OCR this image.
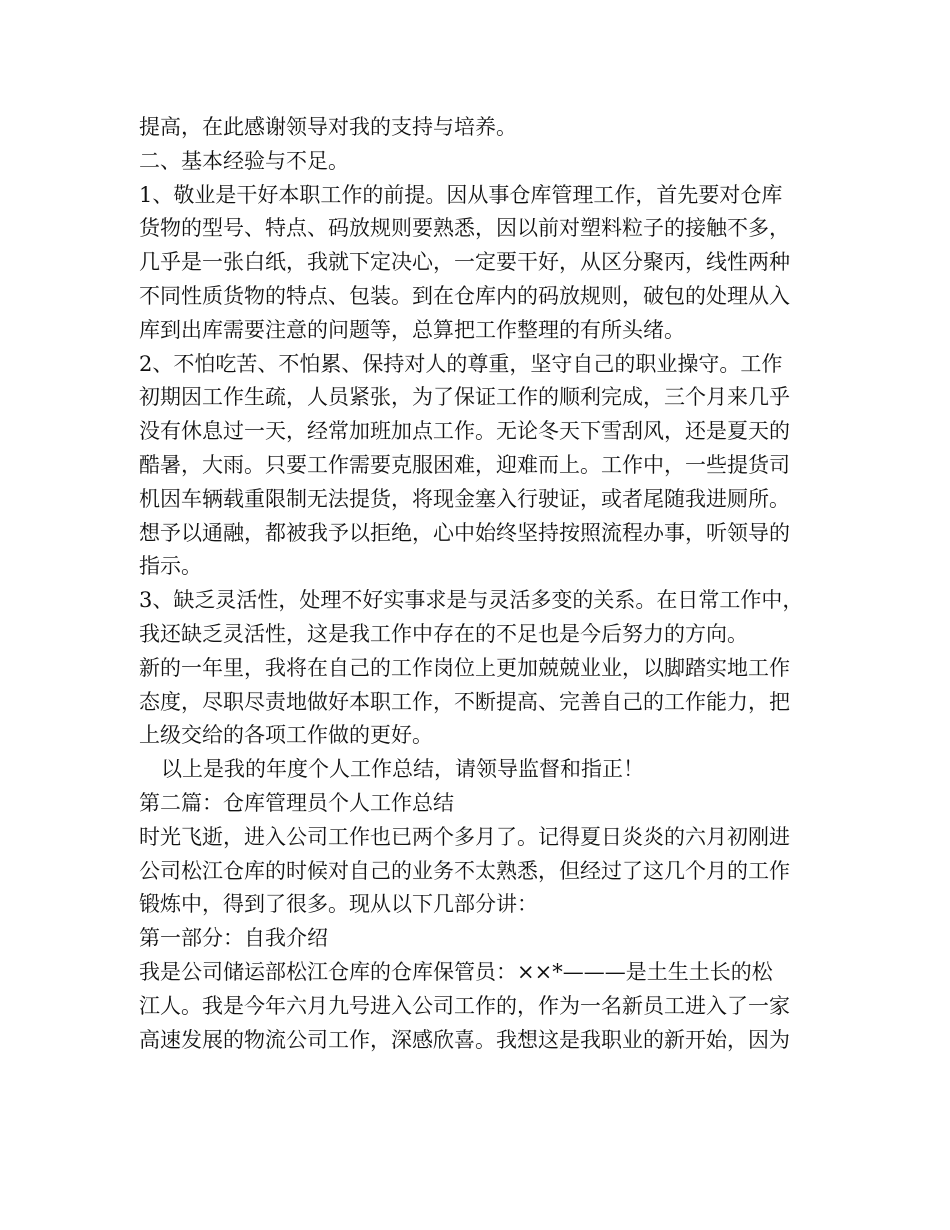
提高，在此感谢领导对我的支持与培养。
二、基本经验与不足。
1、敬业是干好本职工作的前提。因从事仓库管理工作，首先要对仓库
货物的型号、特点、码放规则要熟悉，因以前对塑料粒子的接触不多，
几乎是一张白纸，我就下定决心，一定要干好，从区分聚丙，线性两种
不同性质货物的特点、包装。到在仓库内的码放规则，破包的处理从入
库到出库需要注意的问题等，总算把工作整理的有所头绪。
2、不怕吃苦、不怕累、保持对人的尊重，坚守自己的职业操守。工作
初期因工作生疏，人员紧张，为了保证工作的顺利完成，三个月来几乎
没有休息过一天，经常加班加点工作。无论冬天下雪刮风，还是夏天的
酷暑，大雨。只要工作需要克服困难，迎难而上。工作中，一些提货司
机因车辆载重限制无法提货，将现金塞入行驶证，或者尾随我进厕所。
想予以通融，都被我予以拒绝，心中始终坚持按照流程办事，听领导的
指示。
3、缺乏灵活性，处理不好实事求是与灵活多变的关系。在日常工作中，
我还缺乏灵活性，这是我工作中存在的不足也是今后努力的方向。
新的一年里，我将在自己的工作岗位上更加兢兢业业，以脚踏实地工作
态度，尽职尽责地做好本职工作，不断提高、完善自己的工作能力，把
上级交给的各项工作做的更好。
以上是我的年度个人工作总结，请领导监督和指正！
第二篇：仓库管理员个人工作总结
时光飞逝，进入公司工作也已两个多月了。记得夏日炎炎的六月初刚进
公司松江仓库的时候对自己的业务不太熟悉，但经过了这几个月的工作
锻炼中，得到了很多。现从以下几部分讲：
第一部分：自我介绍
我是公司储运部松江仓库的仓库保管员：××*———是土生土长的松
江人。我是今年六月九号进入公司工作的，作为一名新员工进入了一家
高速发展的物流公司工作，深感欣喜。我想这是我职业的新开始，因为
